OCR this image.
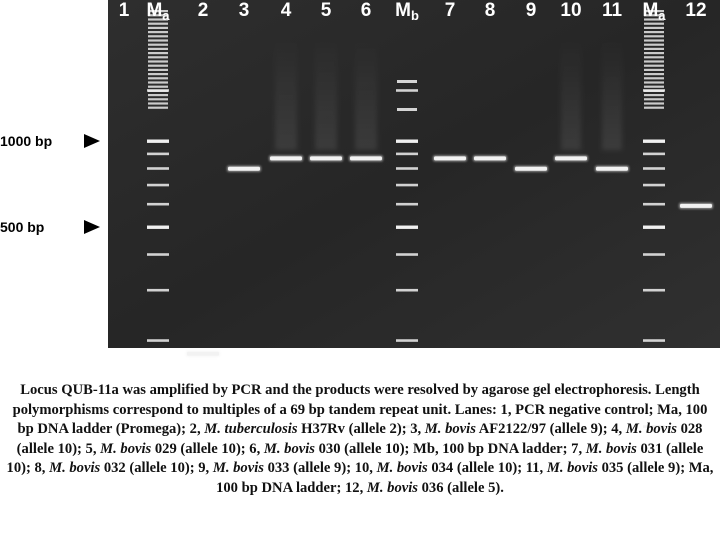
1 $M_a$ 2 3 4 5 6 $M_b$ 7 8 9 10 11 $M_a$ 12
1000 bp
500 bp
Locus QUB-11a was amplified by PCR and the products were resolved by agarose gel electrophoresis. Length polymorphisms correspond to multiples of a 69 bp tandem repeat unit. Lanes: 1, PCR negative control; Ma, 100 bp DNA ladder (Promega); 2, M. tuberculosis H37Rv (allele 2); 3, M. bovis AF2122/97 (allele 9); 4, M. bovis 028 (allele 10); 5, M. bovis 029 (allele 10); 6, M. bovis 030 (allele 10); Mb, 100 bp DNA ladder; 7, M. bovis 031 (allele 10); 8, M. bovis 032 (allele 10); 9, M. bovis 033 (allele 9); 10, M. bovis 034 (allele 10); 11, M. bovis 035 (allele 9); Ma, 100 bp DNA ladder; 12, M. bovis 036 (allele 5).
